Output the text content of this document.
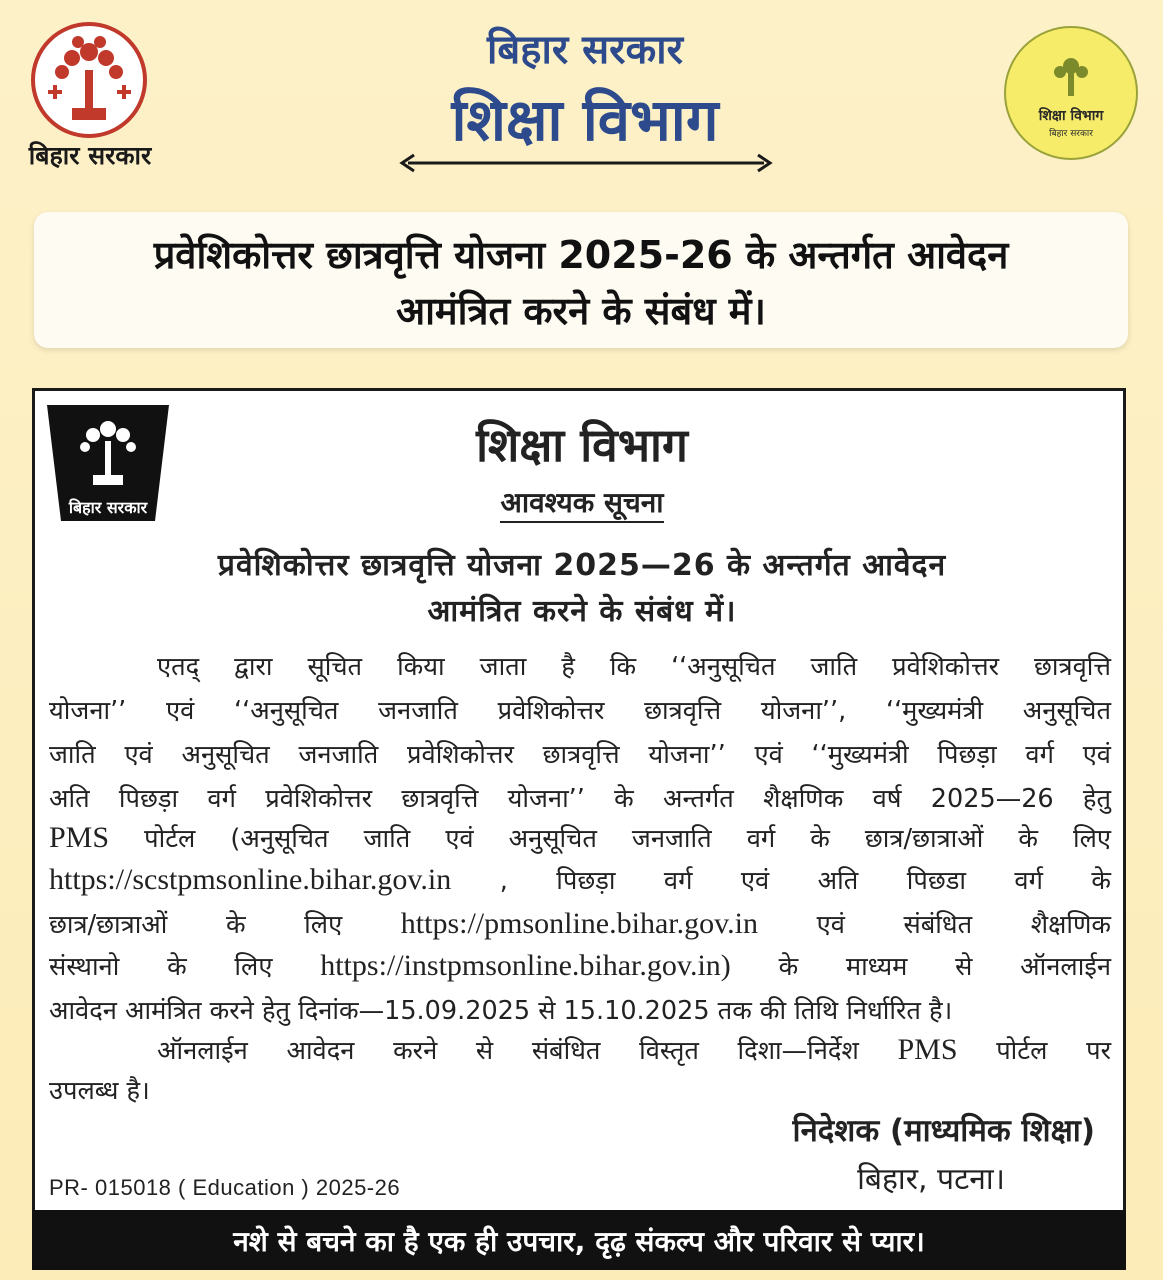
बिहार सरकार
बिहार सरकार
शिक्षा विभाग	शिक्षा विभाग
बिहार सरकार
प्रवेशिकोत्तर छात्रवृत्ति योजना 2025-26 के अन्तर्गत आवेदन
आमंत्रित करने के संबंध में।
बिहार सरकार
शिक्षा विभाग
आवश्यक सूचना
प्रवेशिकोत्तर छात्रवृत्ति योजना 2025—26 के अन्तर्गत आवेदन
आमंत्रित करने के संबंध में।
एतद् द्वारा सूचित किया जाता है कि ‘‘अनुसूचित जाति प्रवेशिकोत्तर छात्रवृत्ति
योजना’’ एवं ‘‘अनुसूचित जनजाति प्रवेशिकोत्तर छात्रवृत्ति योजना’’, ‘‘मुख्यमंत्री अनुसूचित
जाति एवं अनुसूचित जनजाति प्रवेशिकोत्तर छात्रवृत्ति योजना’’ एवं ‘‘मुख्यमंत्री पिछड़ा वर्ग एवं
अति पिछड़ा वर्ग प्रवेशिकोत्तर छात्रवृत्ति योजना’’ के अन्तर्गत शैक्षणिक वर्ष 2025—26 हेतु
PMS पोर्टल (अनुसूचित जाति एवं अनुसूचित जनजाति वर्ग के छात्र/छात्राओं के लिए
https://scstpmsonline.bihar.gov.in , पिछड़ा वर्ग एवं अति पिछडा वर्ग के
छात्र/छात्राओं के लिए https://pmsonline.bihar.gov.in एवं संबंधित शैक्षणिक
संस्थानो के लिए https://instpmsonline.bihar.gov.in) के माध्यम से ऑनलाईन
आवेदन आमंत्रित करने हेतु दिनांक—15.09.2025 से 15.10.2025 तक की तिथि निर्धारित है।
ऑनलाईन आवेदन करने से संबंधित विस्तृत दिशा—निर्देश PMS पोर्टल पर
उपलब्ध है।
निदेशक (माध्यमिक शिक्षा)
बिहार, पटना।
PR- 015018 ( Education ) 2025-26
नशे से बचने का है एक ही उपचार, दृढ़ संकल्प और परिवार से प्यार।
